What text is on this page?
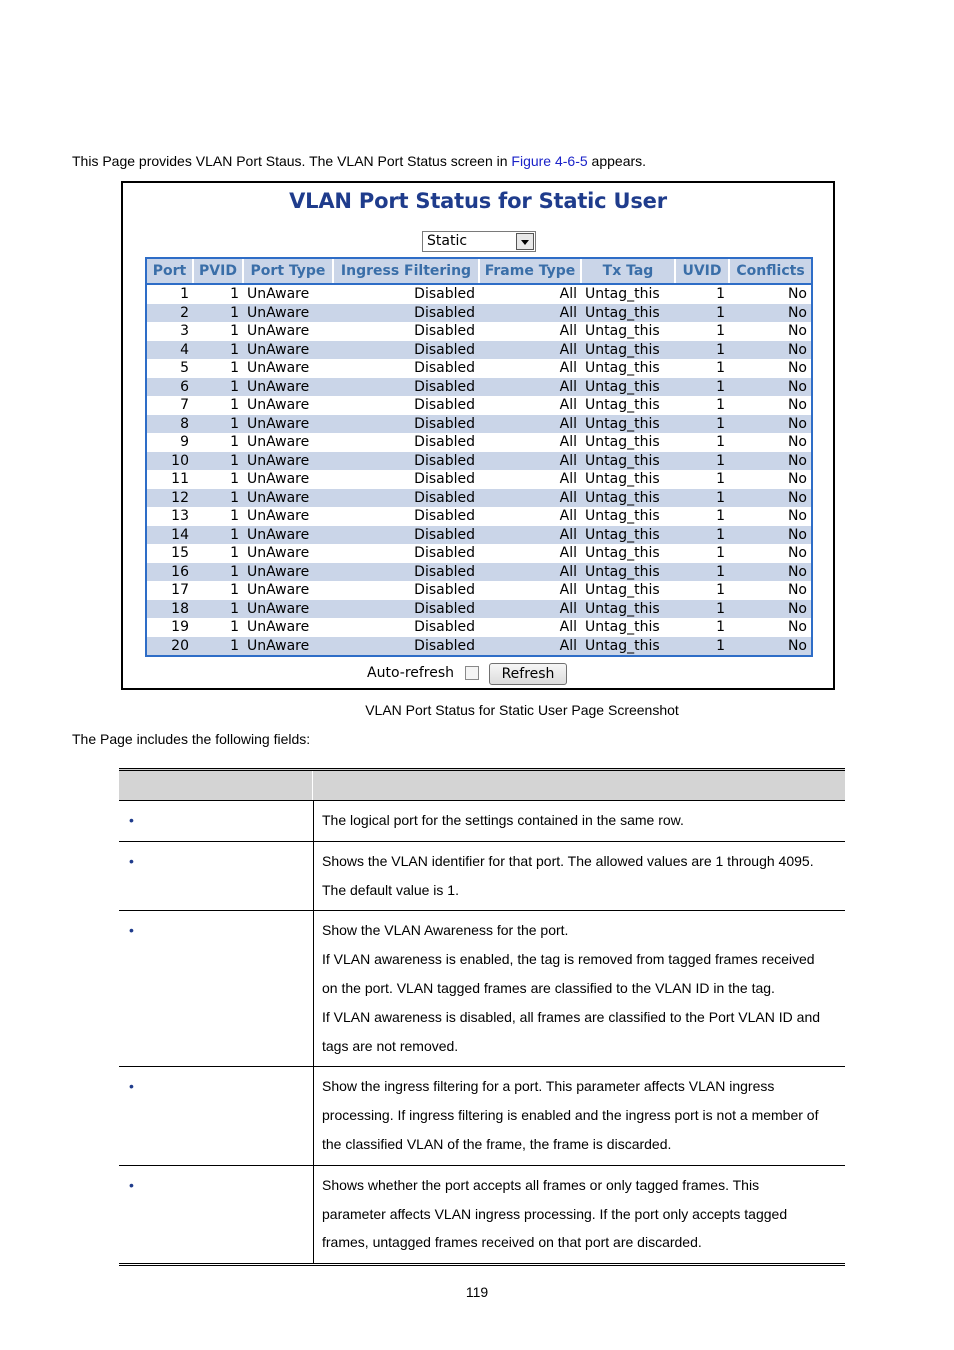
This Page provides VLAN Port Staus. The VLAN Port Status screen in Figure 4-6-5 appears.
VLAN Port Status for Static User
Static
Port	PVID	Port Type	Ingress Filtering	Frame Type	Tx Tag	UVID	Conflicts
1	1	UnAware	Disabled	All	Untag_this	1	No
2	1	UnAware	Disabled	All	Untag_this	1	No
3	1	UnAware	Disabled	All	Untag_this	1	No
4	1	UnAware	Disabled	All	Untag_this	1	No
5	1	UnAware	Disabled	All	Untag_this	1	No
6	1	UnAware	Disabled	All	Untag_this	1	No
7	1	UnAware	Disabled	All	Untag_this	1	No
8	1	UnAware	Disabled	All	Untag_this	1	No
9	1	UnAware	Disabled	All	Untag_this	1	No
10	1	UnAware	Disabled	All	Untag_this	1	No
11	1	UnAware	Disabled	All	Untag_this	1	No
12	1	UnAware	Disabled	All	Untag_this	1	No
13	1	UnAware	Disabled	All	Untag_this	1	No
14	1	UnAware	Disabled	All	Untag_this	1	No
15	1	UnAware	Disabled	All	Untag_this	1	No
16	1	UnAware	Disabled	All	Untag_this	1	No
17	1	UnAware	Disabled	All	Untag_this	1	No
18	1	UnAware	Disabled	All	Untag_this	1	No
19	1	UnAware	Disabled	All	Untag_this	1	No
20	1	UnAware	Disabled	All	Untag_this	1	No
Auto-refresh	Refresh
VLAN Port Status for Static User Page Screenshot
The Page includes the following fields:
•	The logical port for the settings contained in the same row.

•	Shows the VLAN identifier for that port. The allowed values are 1 through 4095.

The default value is 1.

•	Show the VLAN Awareness for the port.

If VLAN awareness is enabled, the tag is removed from tagged frames received

on the port. VLAN tagged frames are classified to the VLAN ID in the tag.

If VLAN awareness is disabled, all frames are classified to the Port VLAN ID and

tags are not removed.

•	Show the ingress filtering for a port. This parameter affects VLAN ingress

processing. If ingress filtering is enabled and the ingress port is not a member of

the classified VLAN of the frame, the frame is discarded.

•	Shows whether the port accepts all frames or only tagged frames. This

parameter affects VLAN ingress processing. If the port only accepts tagged

frames, untagged frames received on that port are discarded.

119
